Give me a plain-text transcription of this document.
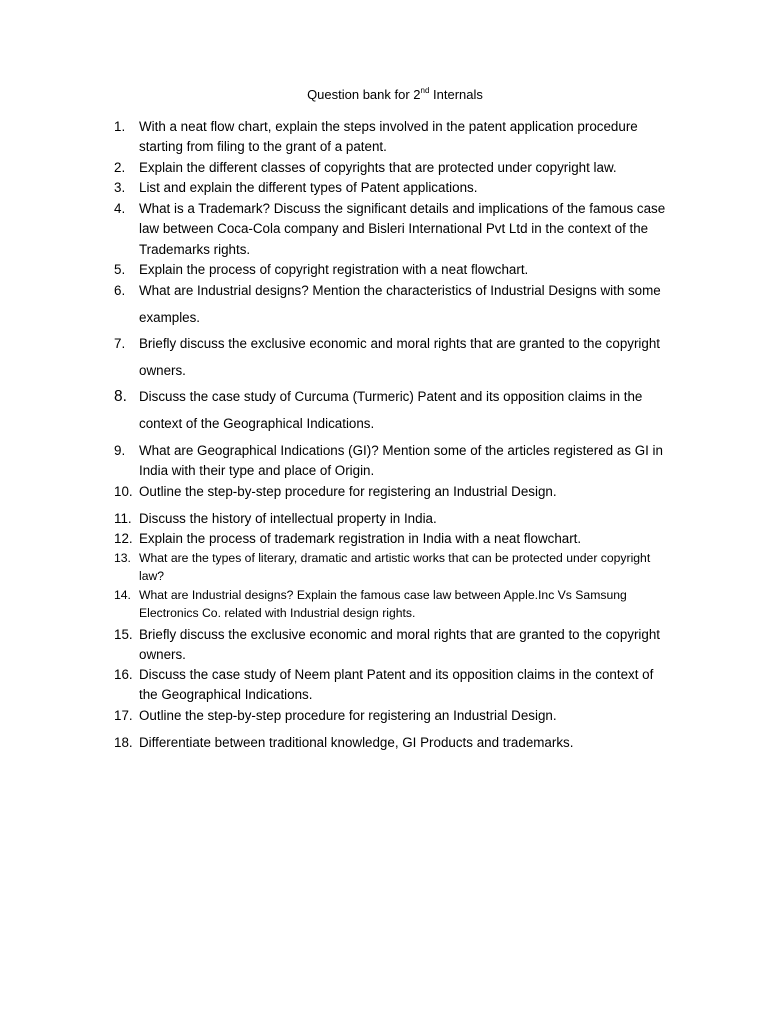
Question bank for 2nd Internals
1.	With a neat flow chart, explain the steps involved in the patent application procedure starting from filing to the grant of a patent.
2.	Explain the different classes of copyrights that are protected under copyright law.
3.	List and explain the different types of Patent applications.
4.	What is a Trademark? Discuss the significant details and implications of the famous case law between Coca-Cola company and Bisleri International Pvt Ltd in the context of the Trademarks rights.
5.	Explain the process of copyright registration with a neat flowchart.
6.	What are Industrial designs? Mention the characteristics of Industrial Designs with some examples.
7.	Briefly discuss the exclusive economic and moral rights that are granted to the copyright owners.
8. Discuss the case study of Curcuma (Turmeric) Patent and its opposition claims in the context of the Geographical Indications.
9.	What are Geographical Indications (GI)? Mention some of the articles registered as GI in India with their type and place of Origin.
10. Outline the step-by-step procedure for registering an Industrial Design.
11. Discuss the history of intellectual property in India.
12. Explain the process of trademark registration in India with a neat flowchart.
13. What are the types of literary, dramatic and artistic works that can be protected under copyright law?
14. What are Industrial designs? Explain the famous case law between Apple.Inc Vs Samsung Electronics Co. related with Industrial design rights.
15. Briefly discuss the exclusive economic and moral rights that are granted to the copyright owners.
16. Discuss the case study of Neem plant Patent and its opposition claims in the context of the Geographical Indications.
17. Outline the step-by-step procedure for registering an Industrial Design.
18. Differentiate between traditional knowledge, GI Products and trademarks.
